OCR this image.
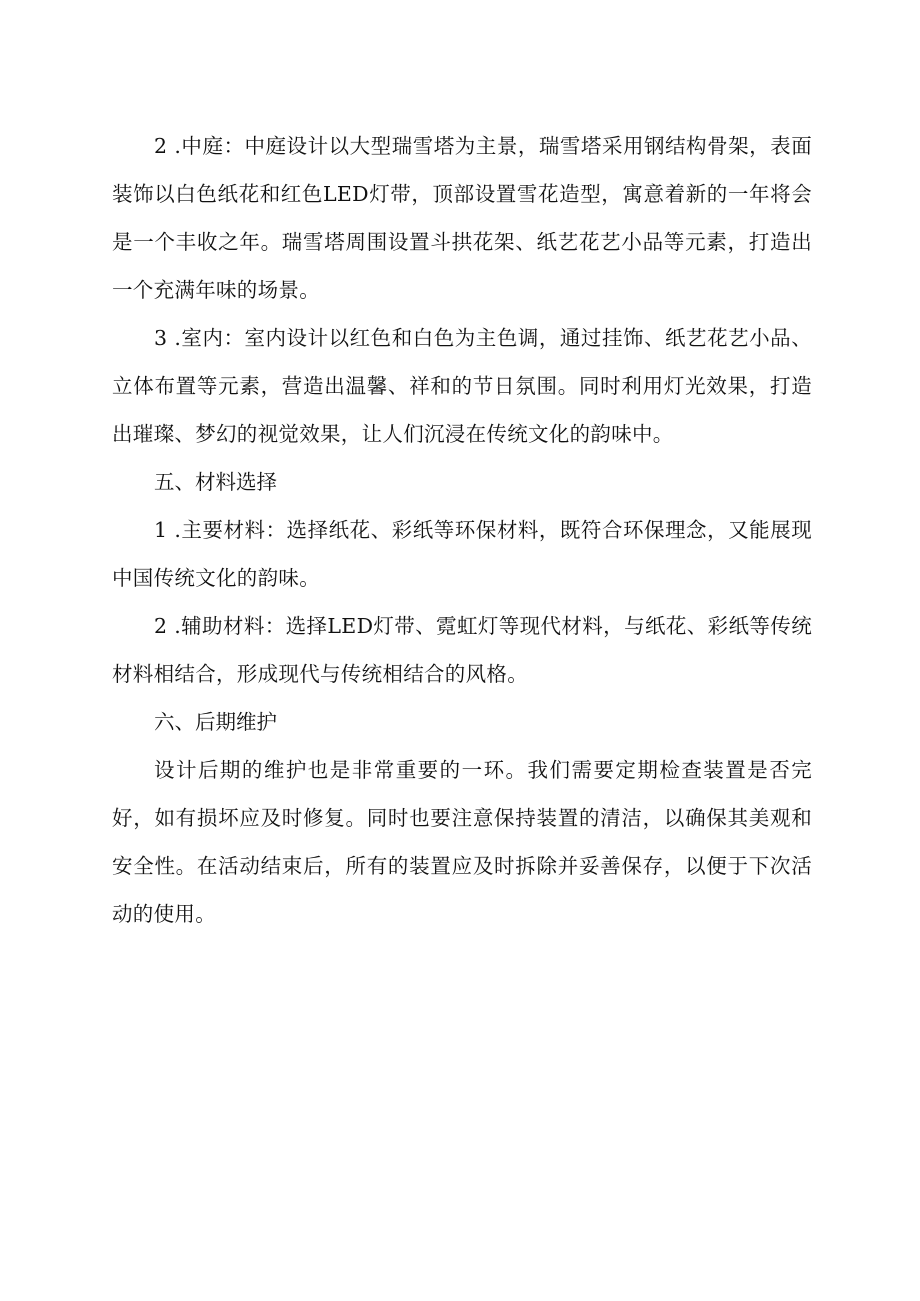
2 .中庭：中庭设计以大型瑞雪塔为主景，瑞雪塔采用钢结构骨架，表面装饰以白色纸花和红色LED灯带，顶部设置雪花造型，寓意着新的一年将会是一个丰收之年。瑞雪塔周围设置斗拱花架、纸艺花艺小品等元素，打造出一个充满年味的场景。

3 .室内：室内设计以红色和白色为主色调，通过挂饰、纸艺花艺小品、立体布置等元素，营造出温馨、祥和的节日氛围。同时利用灯光效果，打造出璀璨、梦幻的视觉效果，让人们沉浸在传统文化的韵味中。

五、材料选择

1 .主要材料：选择纸花、彩纸等环保材料，既符合环保理念，又能展现中国传统文化的韵味。

2 .辅助材料：选择LED灯带、霓虹灯等现代材料，与纸花、彩纸等传统材料相结合，形成现代与传统相结合的风格。

六、后期维护

设计后期的维护也是非常重要的一环。我们需要定期检查装置是否完好，如有损坏应及时修复。同时也要注意保持装置的清洁，以确保其美观和安全性。在活动结束后，所有的装置应及时拆除并妥善保存，以便于下次活动的使用。
